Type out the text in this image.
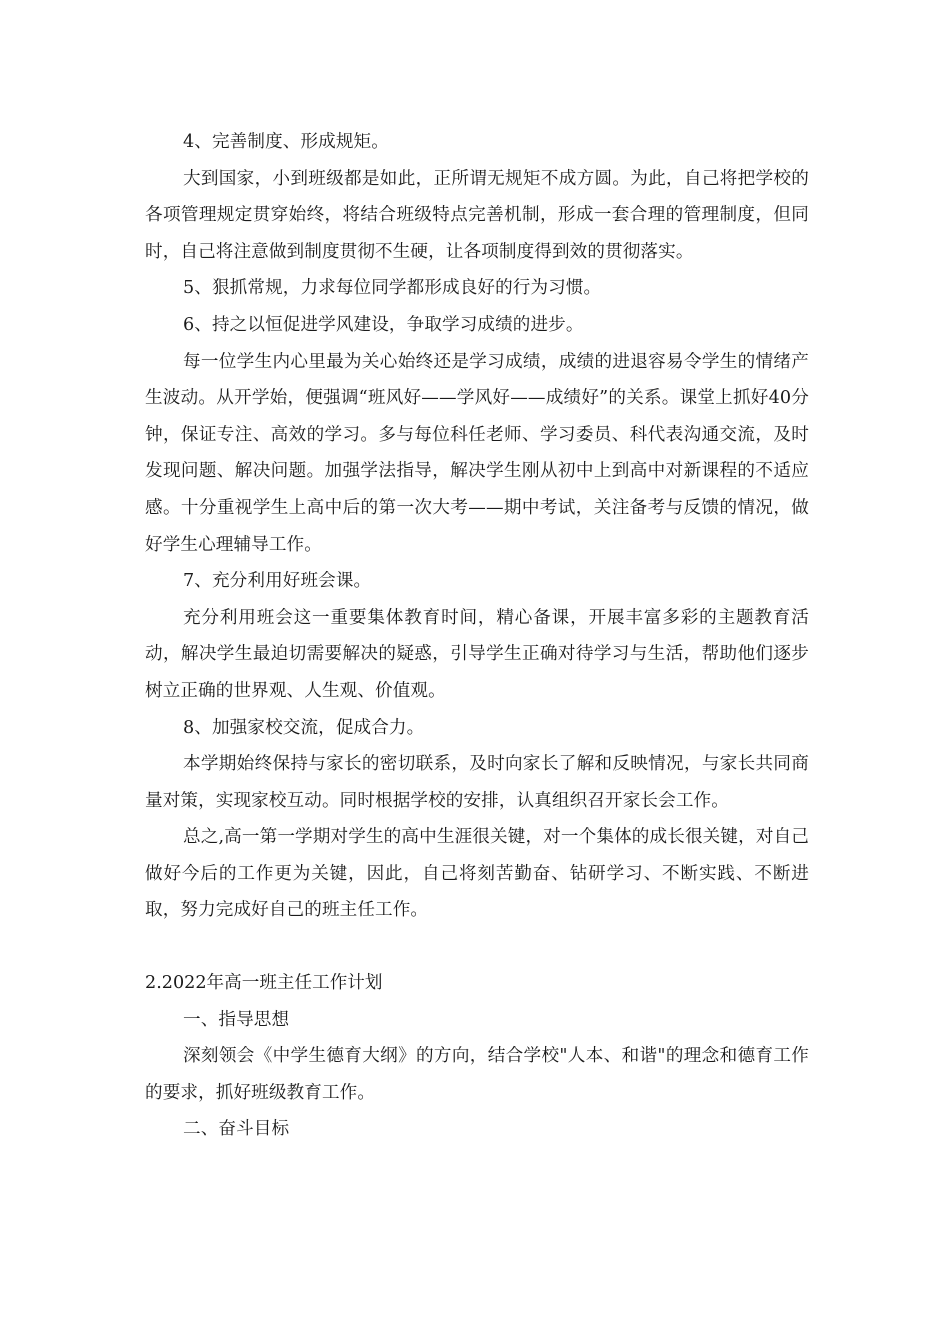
4、完善制度、形成规矩。

大到国家，小到班级都是如此，正所谓无规矩不成方圆。为此，自己将把学校的各项管理规定贯穿始终，将结合班级特点完善机制，形成一套合理的管理制度，但同时，自己将注意做到制度贯彻不生硬，让各项制度得到效的贯彻落实。

5、狠抓常规，力求每位同学都形成良好的行为习惯。

6、持之以恒促进学风建设，争取学习成绩的进步。

每一位学生内心里最为关心始终还是学习成绩，成绩的进退容易令学生的情绪产生波动。从开学始，便强调“班风好——学风好——成绩好”的关系。课堂上抓好40分钟，保证专注、高效的学习。多与每位科任老师、学习委员、科代表沟通交流，及时发现问题、解决问题。加强学法指导，解决学生刚从初中上到高中对新课程的不适应感。十分重视学生上高中后的第一次大考——期中考试，关注备考与反馈的情况，做好学生心理辅导工作。

7、充分利用好班会课。

充分利用班会这一重要集体教育时间，精心备课，开展丰富多彩的主题教育活动，解决学生最迫切需要解决的疑惑，引导学生正确对待学习与生活，帮助他们逐步树立正确的世界观、人生观、价值观。

8、加强家校交流，促成合力。

本学期始终保持与家长的密切联系，及时向家长了解和反映情况，与家长共同商量对策，实现家校互动。同时根据学校的安排，认真组织召开家长会工作。

总之,高一第一学期对学生的高中生涯很关键，对一个集体的成长很关键，对自己做好今后的工作更为关键，因此，自己将刻苦勤奋、钻研学习、不断实践、不断进取，努力完成好自己的班主任工作。

2.2022年高一班主任工作计划

一、指导思想

深刻领会《中学生德育大纲》的方向，结合学校"人本、和谐"的理念和德育工作的要求，抓好班级教育工作。

二、奋斗目标
